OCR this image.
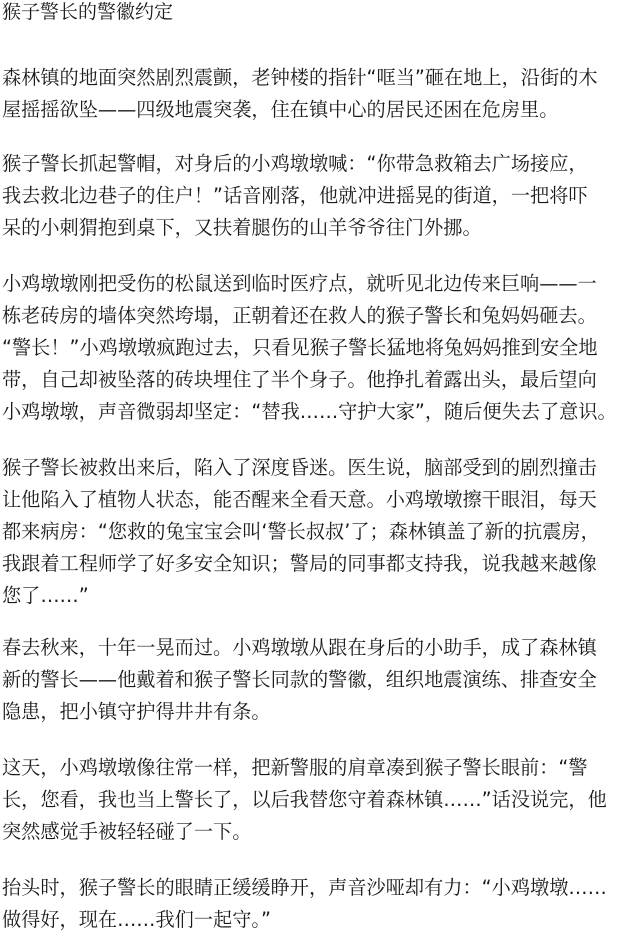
猴子警长的警徽约定

森林镇的地面突然剧烈震颤，老钟楼的指针“哐当”砸在地上，沿街的木

屋摇摇欲坠——四级地震突袭，住在镇中心的居民还困在危房里。

猴子警长抓起警帽，对身后的小鸡墩墩喊：“你带急救箱去广场接应，

我去救北边巷子的住户！”话音刚落，他就冲进摇晃的街道，一把将吓

呆的小刺猬抱到桌下，又扶着腿伤的山羊爷爷往门外挪。

小鸡墩墩刚把受伤的松鼠送到临时医疗点，就听见北边传来巨响——一

栋老砖房的墙体突然垮塌，正朝着还在救人的猴子警长和兔妈妈砸去。

“警长！”小鸡墩墩疯跑过去，只看见猴子警长猛地将兔妈妈推到安全地

带，自己却被坠落的砖块埋住了半个身子。他挣扎着露出头，最后望向

小鸡墩墩，声音微弱却坚定：“替我……守护大家”，随后便失去了意识。

猴子警长被救出来后，陷入了深度昏迷。医生说，脑部受到的剧烈撞击

让他陷入了植物人状态，能否醒来全看天意。小鸡墩墩擦干眼泪，每天

都来病房：“您救的兔宝宝会叫‘警长叔叔’了；森林镇盖了新的抗震房，

我跟着工程师学了好多安全知识；警局的同事都支持我，说我越来越像

您了……”

春去秋来，十年一晃而过。小鸡墩墩从跟在身后的小助手，成了森林镇

新的警长——他戴着和猴子警长同款的警徽，组织地震演练、排查安全

隐患，把小镇守护得井井有条。

这天，小鸡墩墩像往常一样，把新警服的肩章凑到猴子警长眼前：“警

长，您看，我也当上警长了，以后我替您守着森林镇……”话没说完，他

突然感觉手被轻轻碰了一下。

抬头时，猴子警长的眼睛正缓缓睁开，声音沙哑却有力：“小鸡墩墩……

做得好，现在……我们一起守。”
